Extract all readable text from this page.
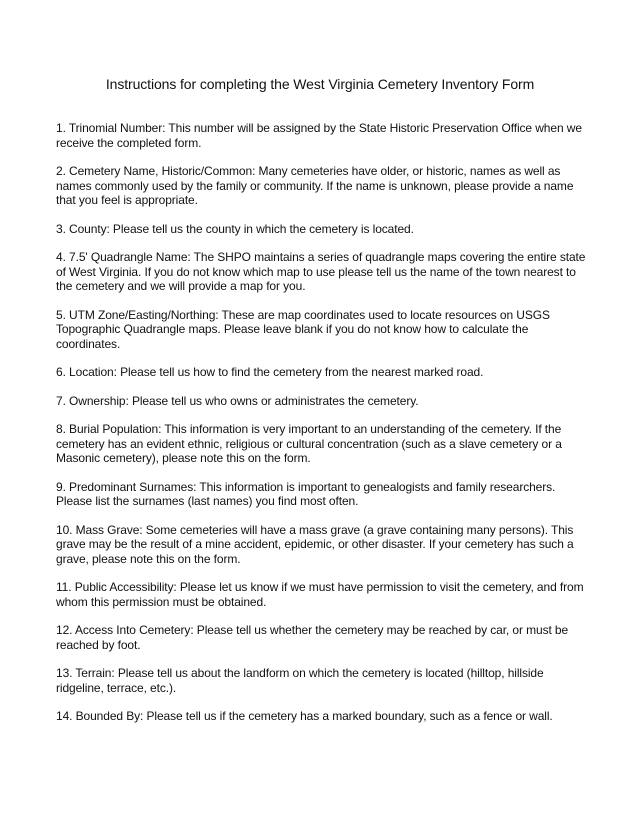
Instructions for completing the West Virginia Cemetery Inventory Form

1. Trinomial Number: This number will be assigned by the State Historic Preservation Office when we receive the completed form.

2. Cemetery Name, Historic/Common: Many cemeteries have older, or historic, names as well as names commonly used by the family or community. If the name is unknown, please provide a name that you feel is appropriate.

3. County: Please tell us the county in which the cemetery is located.

4. 7.5' Quadrangle Name: The SHPO maintains a series of quadrangle maps covering the entire state of West Virginia. If you do not know which map to use please tell us the name of the town nearest to the cemetery and we will provide a map for you.

5. UTM Zone/Easting/Northing: These are map coordinates used to locate resources on USGS Topographic Quadrangle maps. Please leave blank if you do not know how to calculate the coordinates.

6. Location: Please tell us how to find the cemetery from the nearest marked road.

7. Ownership: Please tell us who owns or administrates the cemetery.

8. Burial Population: This information is very important to an understanding of the cemetery. If the cemetery has an evident ethnic, religious or cultural concentration (such as a slave cemetery or a Masonic cemetery), please note this on the form.

9. Predominant Surnames: This information is important to genealogists and family researchers. Please list the surnames (last names) you find most often.

10. Mass Grave: Some cemeteries will have a mass grave (a grave containing many persons). This grave may be the result of a mine accident, epidemic, or other disaster. If your cemetery has such a grave, please note this on the form.

11. Public Accessibility: Please let us know if we must have permission to visit the cemetery, and from whom this permission must be obtained.

12. Access Into Cemetery: Please tell us whether the cemetery may be reached by car, or must be reached by foot.

13. Terrain: Please tell us about the landform on which the cemetery is located (hilltop, hillside ridgeline, terrace, etc.).

14. Bounded By: Please tell us if the cemetery has a marked boundary, such as a fence or wall.
